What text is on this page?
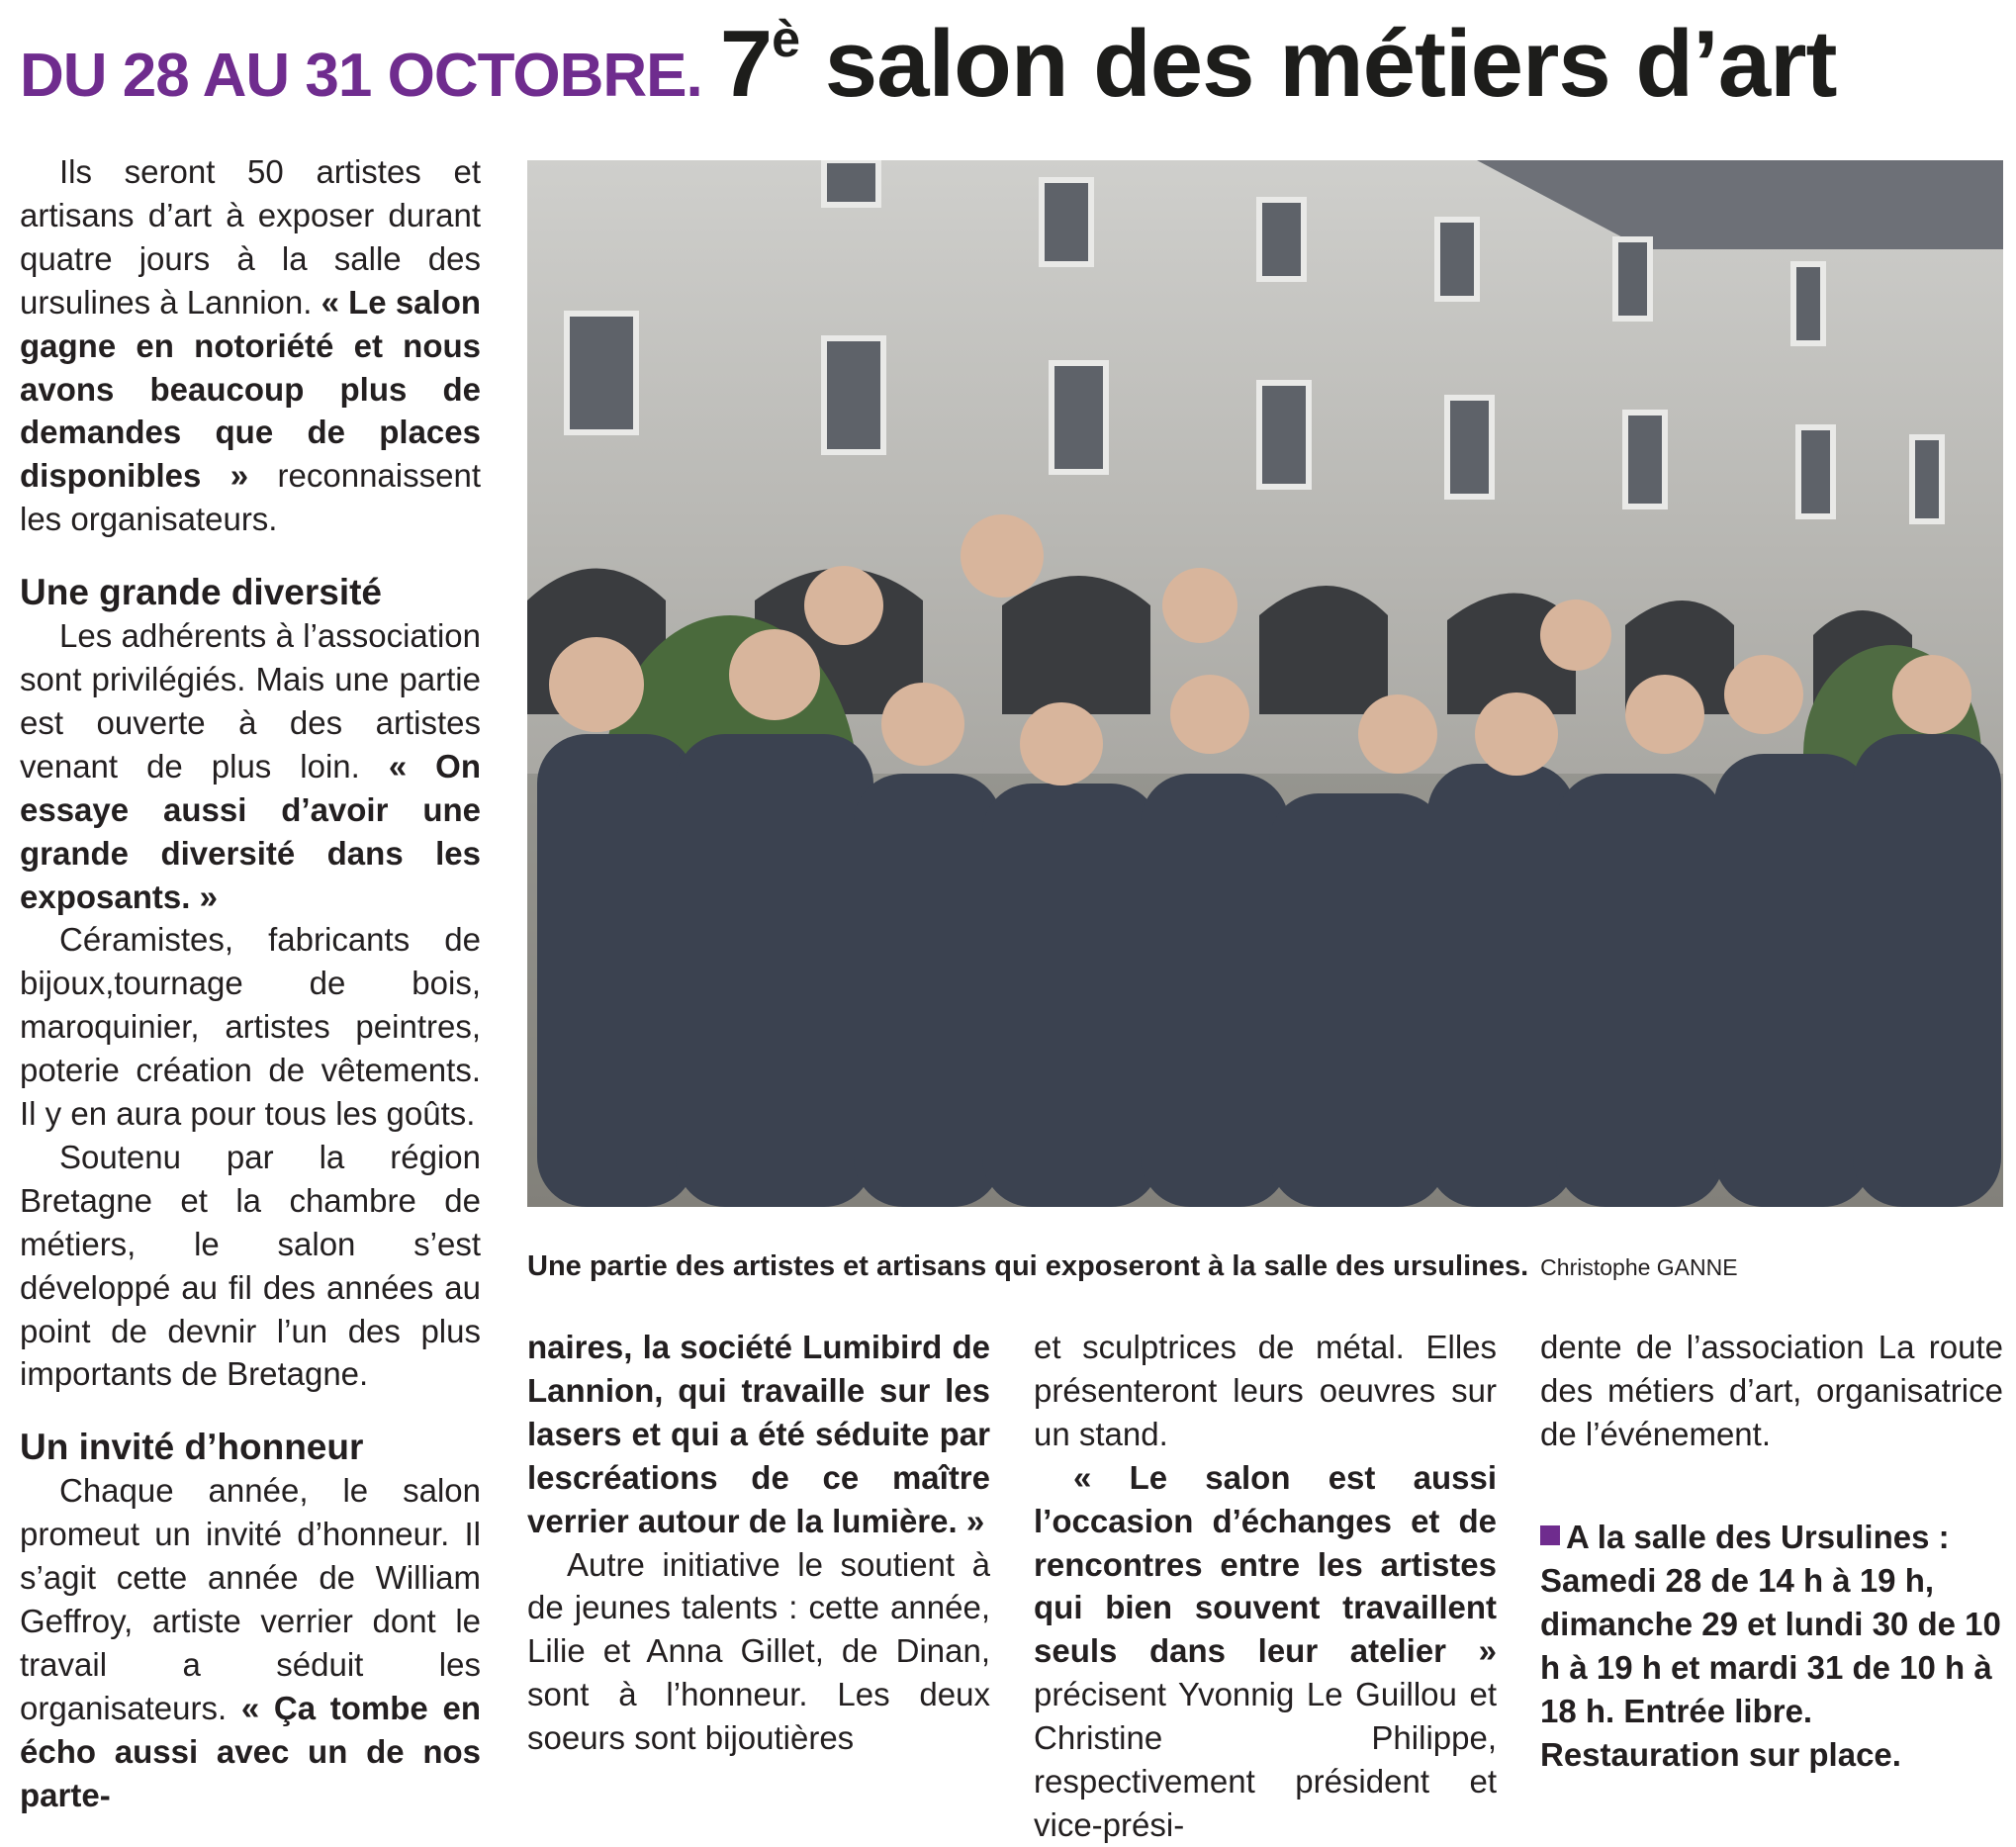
DU 28 AU 31 OCTOBRE. $7^è$ salon des métiers d’art

Ils seront 50 artistes et artisans d’art à exposer durant quatre jours à la salle des ursulines à Lannion. « Le salon gagne en notoriété et nous avons beaucoup plus de demandes que de places disponibles » reconnaissent les organisateurs.

Une grande diversité

Les adhérents à l’association sont privilégiés. Mais une partie est ouverte à des artistes venant de plus loin. « On essaye aussi d’avoir une grande diversité dans les exposants. »

Céramistes, fabricants de bijoux,tournage de bois, maroquinier, artistes peintres, poterie création de vêtements. Il y en aura pour tous les goûts.

Soutenu par la région Bretagne et la chambre de métiers, le salon s’est développé au fil des années au point de devnir l’un des plus importants de Bretagne.

Un invité d’honneur

Chaque année, le salon promeut un invité d’honneur. Il s’agit cette année de William Geffroy, artiste verrier dont le travail a séduit les organisateurs. « Ça tombe en écho aussi avec un de nos parte-

Une partie des artistes et artisans qui exposeront à la salle des ursulines. Christophe GANNE

naires, la société Lumibird de Lannion, qui travaille sur les lasers et qui a été séduite par lescréations de ce maître verrier autour de la lumière. »

Autre initiative le soutient à de jeunes talents : cette année, Lilie et Anna Gillet, de Dinan, sont à l’honneur. Les deux soeurs sont bijoutières

et sculptrices de métal. Elles présenteront leurs oeuvres sur un stand.

« Le salon est aussi l’occasion d’échanges et de rencontres entre les artistes qui bien souvent travaillent seuls dans leur atelier » précisent Yvonnig Le Guillou et Christine Philippe, respectivement président et vice-prési-

dente de l’association La route des métiers d’art, organisatrice de l’événement.

A la salle des Ursulines : Samedi 28 de 14 h à 19 h, dimanche 29 et lundi 30 de 10 h à 19 h et mardi 31 de 10 h à 18 h. Entrée libre. Restauration sur place.
